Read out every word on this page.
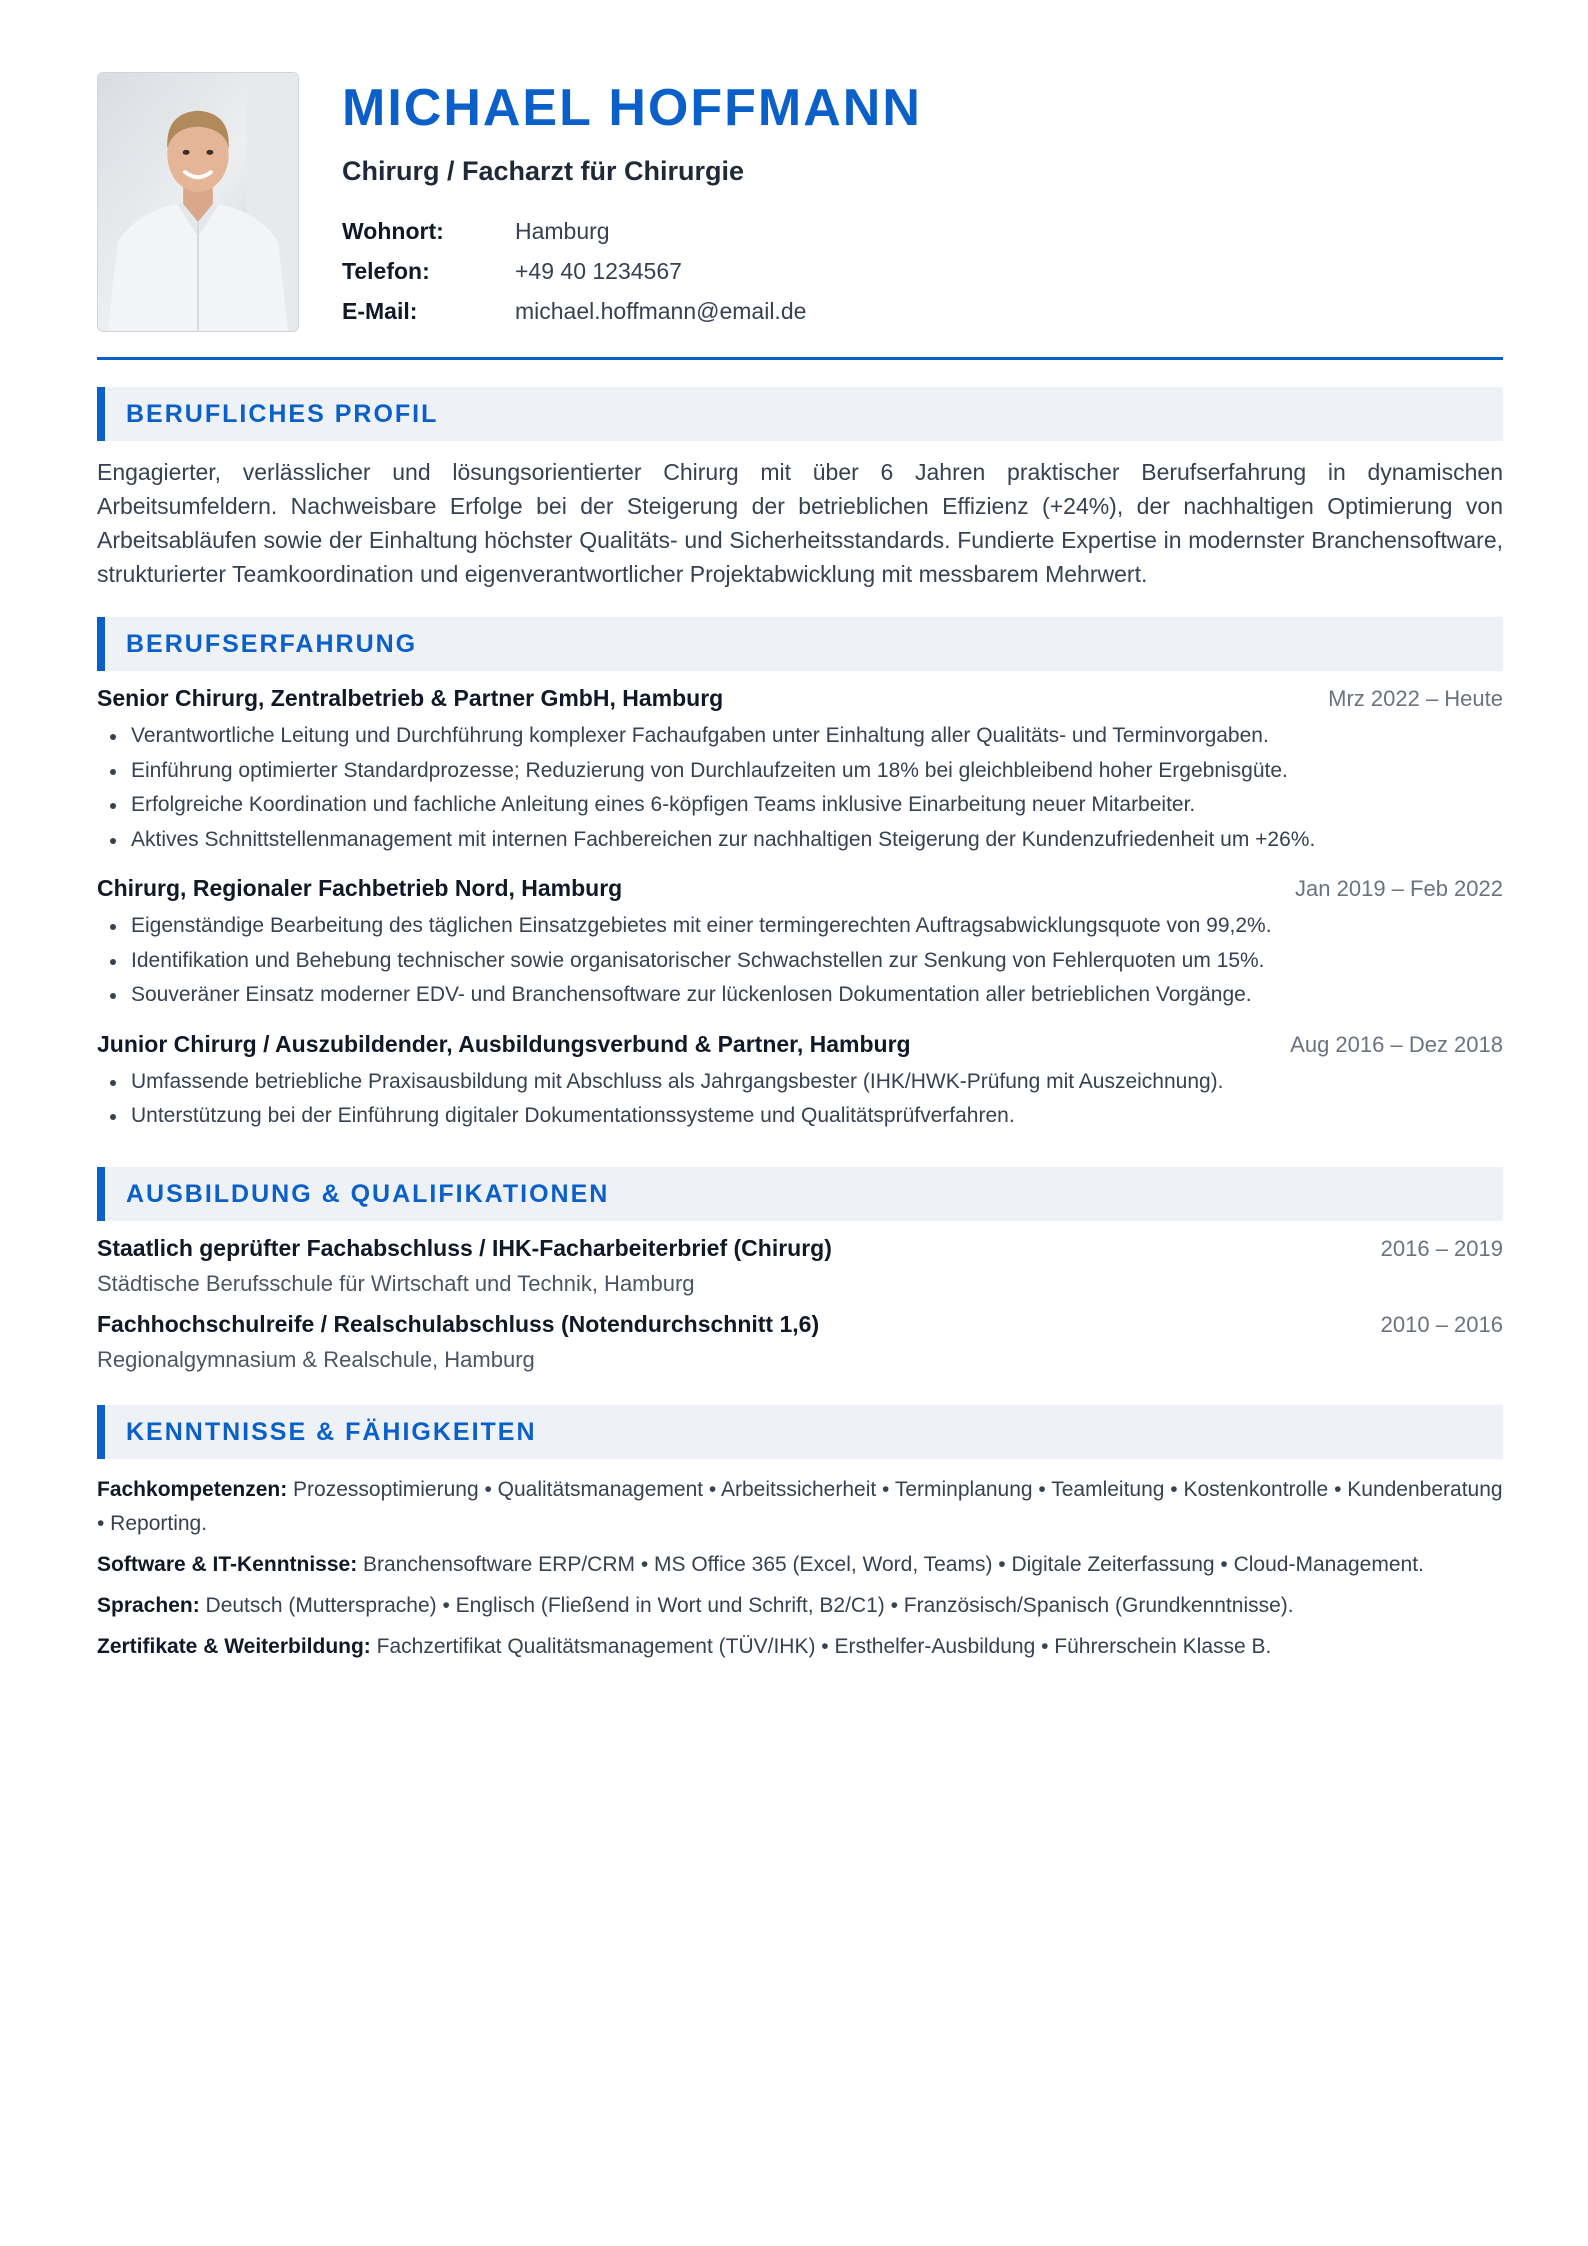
MICHAEL HOFFMANN
Chirurg / Facharzt für Chirurgie
Wohnort:	Hamburg
Telefon:	+49 40 1234567
E-Mail:	michael.hoffmann@email.de
BERUFLICHES PROFIL
Engagierter, verlässlicher und lösungsorientierter Chirurg mit über 6 Jahren praktischer Berufserfahrung in dynamischen Arbeitsumfeldern. Nachweisbare Erfolge bei der Steigerung der betrieblichen Effizienz (+24%), der nachhaltigen Optimierung von Arbeitsabläufen sowie der Einhaltung höchster Qualitäts- und Sicherheitsstandards. Fundierte Expertise in modernster Branchensoftware, strukturierter Teamkoordination und eigenverantwortlicher Projektabwicklung mit messbarem Mehrwert.
BERUFSERFAHRUNG
Senior Chirurg, Zentralbetrieb & Partner GmbH, Hamburg	Mrz 2022 – Heute
Verantwortliche Leitung und Durchführung komplexer Fachaufgaben unter Einhaltung aller Qualitäts- und Terminvorgaben.
Einführung optimierter Standardprozesse; Reduzierung von Durchlaufzeiten um 18% bei gleichbleibend hoher Ergebnisgüte.
Erfolgreiche Koordination und fachliche Anleitung eines 6-köpfigen Teams inklusive Einarbeitung neuer Mitarbeiter.
Aktives Schnittstellenmanagement mit internen Fachbereichen zur nachhaltigen Steigerung der Kundenzufriedenheit um +26%.
Chirurg, Regionaler Fachbetrieb Nord, Hamburg	Jan 2019 – Feb 2022
Eigenständige Bearbeitung des täglichen Einsatzgebietes mit einer termingerechten Auftragsabwicklungsquote von 99,2%.
Identifikation und Behebung technischer sowie organisatorischer Schwachstellen zur Senkung von Fehlerquoten um 15%.
Souveräner Einsatz moderner EDV- und Branchensoftware zur lückenlosen Dokumentation aller betrieblichen Vorgänge.
Junior Chirurg / Auszubildender, Ausbildungsverbund & Partner, Hamburg	Aug 2016 – Dez 2018
Umfassende betriebliche Praxisausbildung mit Abschluss als Jahrgangsbester (IHK/HWK-Prüfung mit Auszeichnung).
Unterstützung bei der Einführung digitaler Dokumentationssysteme und Qualitätsprüfverfahren.
AUSBILDUNG & QUALIFIKATIONEN
Staatlich geprüfter Fachabschluss / IHK-Facharbeiterbrief (Chirurg)	2016 – 2019
Städtische Berufsschule für Wirtschaft und Technik, Hamburg
Fachhochschulreife / Realschulabschluss (Notendurchschnitt 1,6)	2010 – 2016
Regionalgymnasium & Realschule, Hamburg
KENNTNISSE & FÄHIGKEITEN
Fachkompetenzen: Prozessoptimierung • Qualitätsmanagement • Arbeitssicherheit • Terminplanung • Teamleitung • Kostenkontrolle • Kundenberatung • Reporting.
Software & IT-Kenntnisse: Branchensoftware ERP/CRM • MS Office 365 (Excel, Word, Teams) • Digitale Zeiterfassung • Cloud-Management.
Sprachen: Deutsch (Muttersprache) • Englisch (Fließend in Wort und Schrift, B2/C1) • Französisch/Spanisch (Grundkenntnisse).
Zertifikate & Weiterbildung: Fachzertifikat Qualitätsmanagement (TÜV/IHK) • Ersthelfer-Ausbildung • Führerschein Klasse B.
